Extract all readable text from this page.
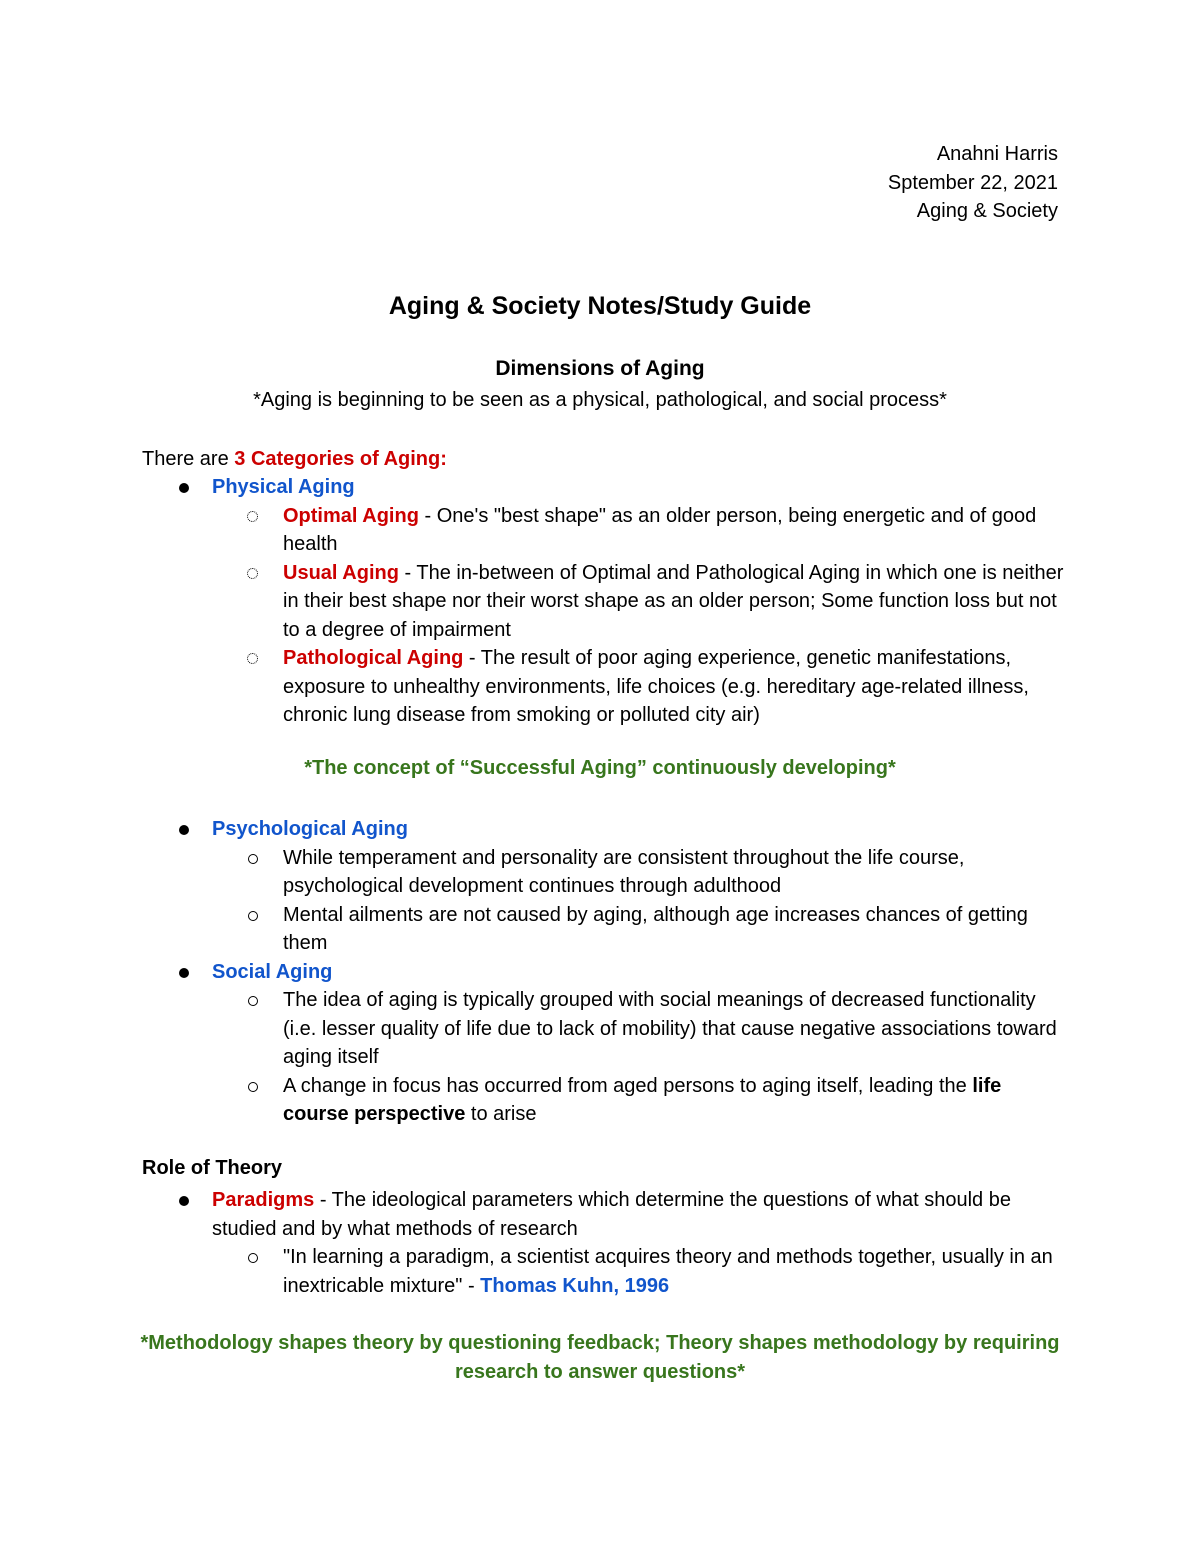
Anahni Harris
Sptember 22, 2021
Aging & Society
Aging & Society Notes/Study Guide
Dimensions of Aging
*Aging is beginning to be seen as a physical, pathological, and social process*
There are 3 Categories of Aging:
Physical Aging
Optimal Aging - One's "best shape" as an older person, being energetic and of good health
Usual Aging - The in-between of Optimal and Pathological Aging in which one is neither in their best shape nor their worst shape as an older person; Some function loss but not to a degree of impairment
Pathological Aging - The result of poor aging experience, genetic manifestations, exposure to unhealthy environments, life choices (e.g. hereditary age-related illness, chronic lung disease from smoking or polluted city air)
*The concept of “Successful Aging” continuously developing*
Psychological Aging
While temperament and personality are consistent throughout the life course, psychological development continues through adulthood
Mental ailments are not caused by aging, although age increases chances of getting them
Social Aging
The idea of aging is typically grouped with social meanings of decreased functionality (i.e. lesser quality of life due to lack of mobility) that cause negative associations toward aging itself
A change in focus has occurred from aged persons to aging itself, leading the life course perspective to arise
Role of Theory
Paradigms - The ideological parameters which determine the questions of what should be studied and by what methods of research
"In learning a paradigm, a scientist acquires theory and methods together, usually in an inextricable mixture" - Thomas Kuhn, 1996
*Methodology shapes theory by questioning feedback; Theory shapes methodology by requiring research to answer questions*
